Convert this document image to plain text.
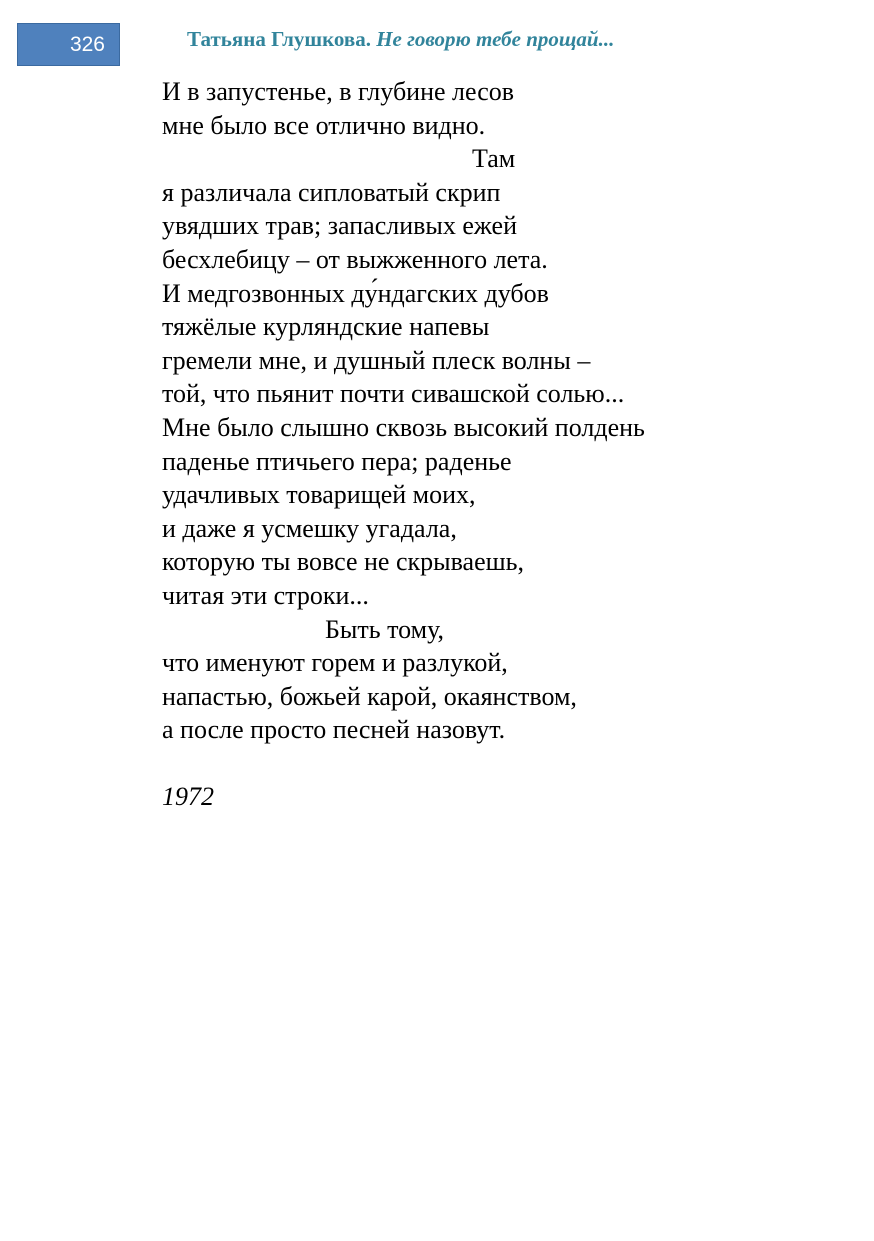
326	Татьяна Глушкова. Не говорю тебе прощай...
И в запустенье, в глубине лесов
мне было все отлично видно.
Там
я различала сипловатый скрип
увядших трав; запасливых ежей
бесхлебицу – от выжженного лета.
И медгозвонных ду́ндагских дубов
тяжёлые курляндские напевы
гремели мне, и душный плеск волны –
той, что пьянит почти сивашской солью...
Мне было слышно сквозь высокий полдень
паденье птичьего пера; раденье
удачливых товарищей моих,
и даже я усмешку угадала,
которую ты вовсе не скрываешь,
читая эти строки...
Быть тому,
что именуют горем и разлукой,
напастью, божьей карой, окаянством,
а после просто песней назовут.
1972
